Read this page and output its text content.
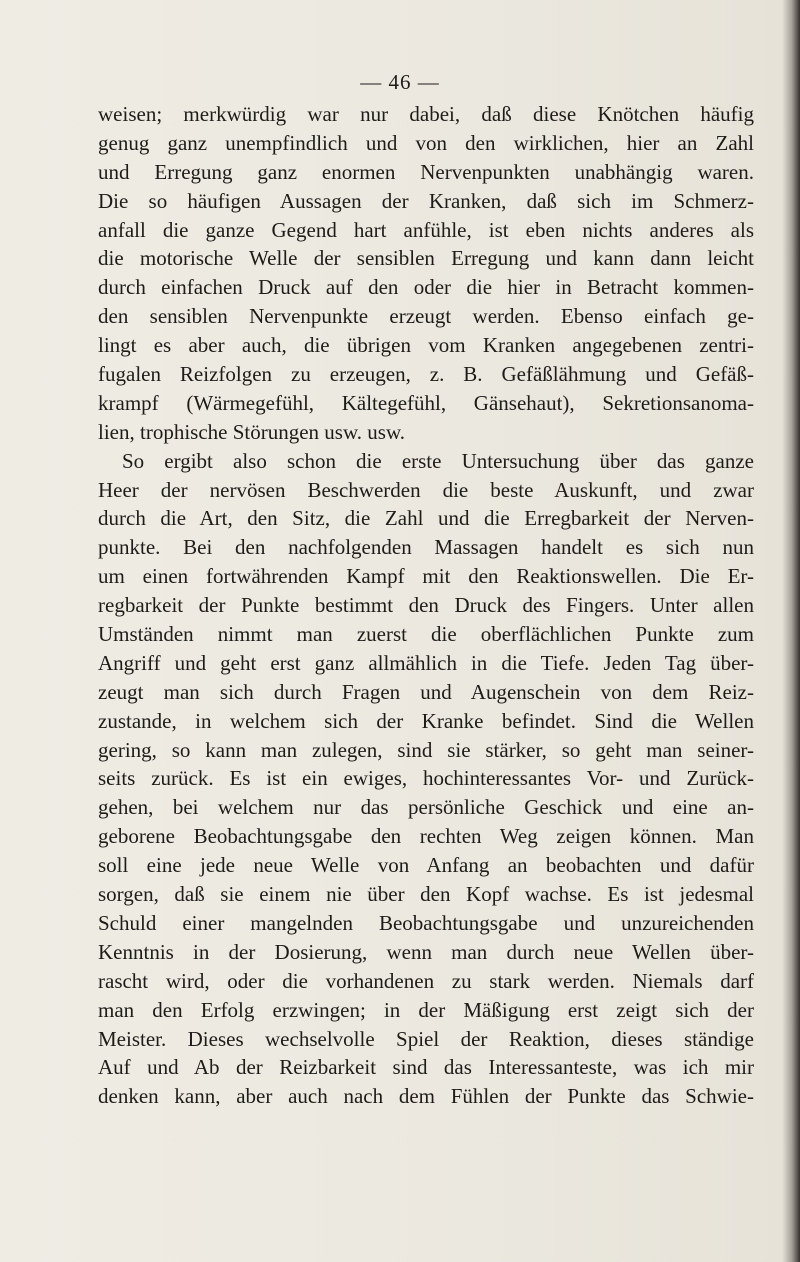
— 46 —
weisen; merkwürdig war nur dabei, daß diese Knötchen häufig
genug ganz unempfindlich und von den wirklichen, hier an Zahl
und Erregung ganz enormen Nervenpunkten unabhängig waren.
Die so häufigen Aussagen der Kranken, daß sich im Schmerz-
anfall die ganze Gegend hart anfühle, ist eben nichts anderes als
die motorische Welle der sensiblen Erregung und kann dann leicht
durch einfachen Druck auf den oder die hier in Betracht kommen-
den sensiblen Nervenpunkte erzeugt werden. Ebenso einfach ge-
lingt es aber auch, die übrigen vom Kranken angegebenen zentri-
fugalen Reizfolgen zu erzeugen, z. B. Gefäßlähmung und Gefäß-
krampf (Wärmegefühl, Kältegefühl, Gänsehaut), Sekretionsanoma-
lien, trophische Störungen usw. usw.
So ergibt also schon die erste Untersuchung über das ganze
Heer der nervösen Beschwerden die beste Auskunft, und zwar
durch die Art, den Sitz, die Zahl und die Erregbarkeit der Nerven-
punkte. Bei den nachfolgenden Massagen handelt es sich nun
um einen fortwährenden Kampf mit den Reaktionswellen. Die Er-
regbarkeit der Punkte bestimmt den Druck des Fingers. Unter allen
Umständen nimmt man zuerst die oberflächlichen Punkte zum
Angriff und geht erst ganz allmählich in die Tiefe. Jeden Tag über-
zeugt man sich durch Fragen und Augenschein von dem Reiz-
zustande, in welchem sich der Kranke befindet. Sind die Wellen
gering, so kann man zulegen, sind sie stärker, so geht man seiner-
seits zurück. Es ist ein ewiges, hochinteressantes Vor- und Zurück-
gehen, bei welchem nur das persönliche Geschick und eine an-
geborene Beobachtungsgabe den rechten Weg zeigen können. Man
soll eine jede neue Welle von Anfang an beobachten und dafür
sorgen, daß sie einem nie über den Kopf wachse. Es ist jedesmal
Schuld einer mangelnden Beobachtungsgabe und unzureichenden
Kenntnis in der Dosierung, wenn man durch neue Wellen über-
rascht wird, oder die vorhandenen zu stark werden. Niemals darf
man den Erfolg erzwingen; in der Mäßigung erst zeigt sich der
Meister. Dieses wechselvolle Spiel der Reaktion, dieses ständige
Auf und Ab der Reizbarkeit sind das Interessanteste, was ich mir
denken kann, aber auch nach dem Fühlen der Punkte das Schwie-
